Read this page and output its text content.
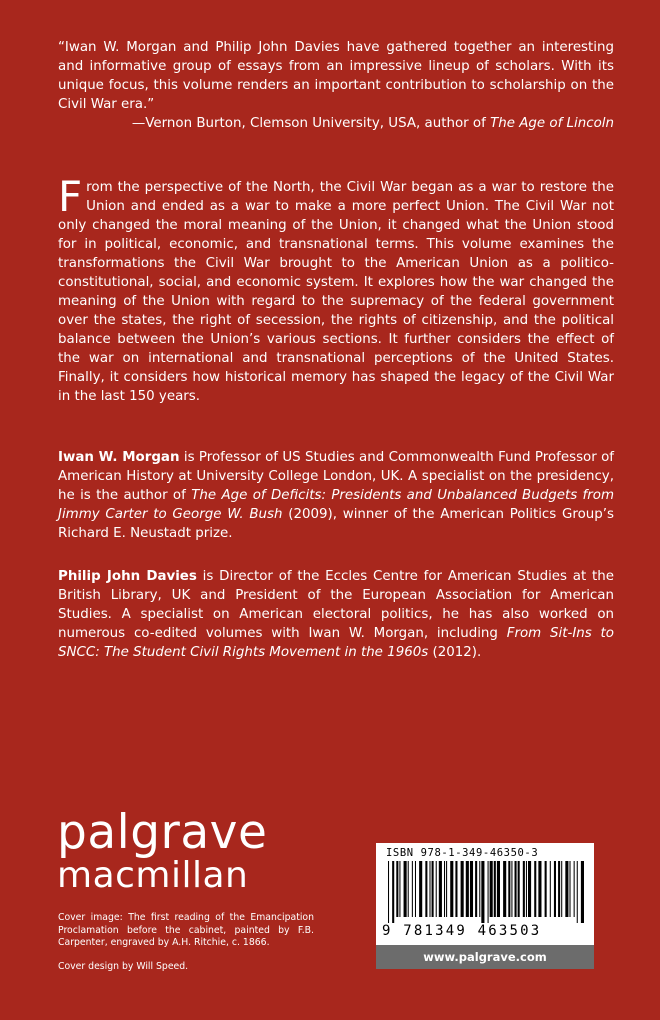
“Iwan W. Morgan and Philip John Davies have gathered together an interesting and informative group of essays from an impressive lineup of scholars. With its unique focus, this volume renders an important contribution to scholarship on the Civil War era.”
—Vernon Burton, Clemson University, USA, author of The Age of Lincoln
From the perspective of the North, the Civil War began as a war to restore the Union and ended as a war to make a more perfect Union. The Civil War not only changed the moral meaning of the Union, it changed what the Union stood for in political, economic, and transnational terms. This volume examines the transformations the Civil War brought to the American Union as a politico-constitutional, social, and economic system. It explores how the war changed the meaning of the Union with regard to the supremacy of the federal government over the states, the right of secession, the rights of citizenship, and the political balance between the Union’s various sections. It further considers the effect of the war on international and transnational perceptions of the United States. Finally, it considers how historical memory has shaped the legacy of the Civil War in the last 150 years.
Iwan W. Morgan is Professor of US Studies and Commonwealth Fund Professor of American History at University College London, UK. A specialist on the presidency, he is the author of The Age of Deficits: Presidents and Unbalanced Budgets from Jimmy Carter to George W. Bush (2009), winner of the American Politics Group’s Richard E. Neustadt prize.
Philip John Davies is Director of the Eccles Centre for American Studies at the British Library, UK and President of the European Association for American Studies. A specialist on American electoral politics, he has also worked on numerous co-edited volumes with Iwan W. Morgan, including From Sit-Ins to SNCC: The Student Civil Rights Movement in the 1960s (2012).
palgrave
macmillan
Cover image: The first reading of the Emancipation Proclamation before the cabinet, painted by F.B. Carpenter, engraved by A.H. Ritchie, c. 1866.
Cover design by Will Speed.
ISBN 978-1-349-46350-3
9 781349 463503
www.palgrave.com
